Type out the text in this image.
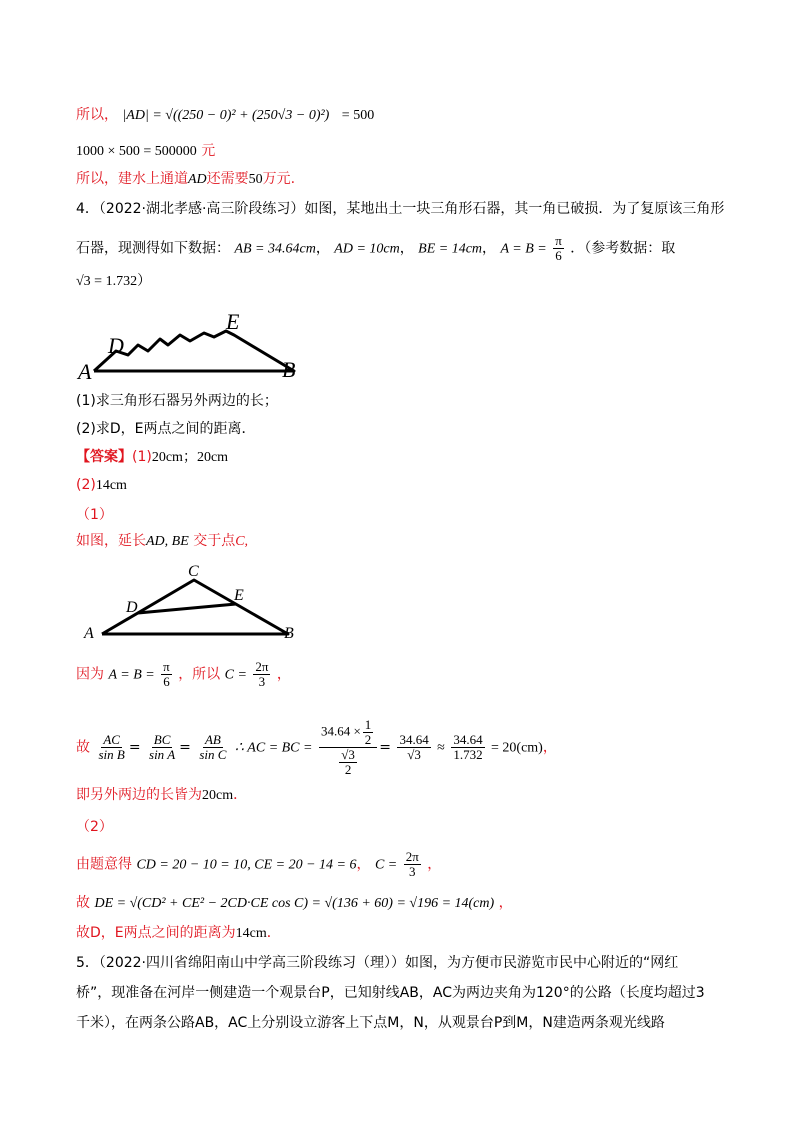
所以， |AD| = √((250 − 0)² + (250√3 − 0)²) = 500
1000 × 500 = 500000 元
所以，建水上通道AD还需要50万元.
4．（2022·湖北孝感·高三阶段练习）如图，某地出土一块三角形石器，其一角已破损．为了复原该三角形
石器，现测得如下数据： AB = 34.64cm， AD = 10cm， BE = 14cm， $A = B = \frac{\pi}{6}$ ．（参考数据：取
√3 = 1.732）
A	B
D
E
(1)求三角形石器另外两边的长；
(2)求D，E两点之间的距离．
【答案】(1)20cm；20cm
(2)14cm
（1）
如图，延长AD, BE 交于点C,
A	B
C
D
E
因为 $A = B = \frac{\pi}{6}$ ，所以 $C = \frac{2\pi}{3}$ ，
故 $\frac{AC}{\text{sin B}} = \frac{BC}{\text{sin A}} = \frac{AB}{\text{sin C}}$ ∴ AC = BC = $\frac{34.64 \times \frac{1}{2}}{\frac{√3}{2}} = \frac{34.64}{√3} \approx \frac{34.64}{1.732} = 20(cm)$，
即另外两边的长皆为20cm．
（2）
由题意得 CD = 20 − 10 = 10, CE = 20 − 14 = 6， $C = \frac{2\pi}{3}$ ，
故 DE = √(CD² + CE² − 2CD·CE cos C) = √(136 + 60) = √196 = 14(cm) ，
故D，E两点之间的距离为14cm．
5．（2022·四川省绵阳南山中学高三阶段练习（理））如图，为方便市民游览市民中心附近的“网红
桥”，现准备在河岸一侧建造一个观景台P，已知射线AB，AC为两边夹角为120°的公路（长度均超过3
千米），在两条公路AB，AC上分别设立游客上下点M，N，从观景台P到M，N建造两条观光线路
